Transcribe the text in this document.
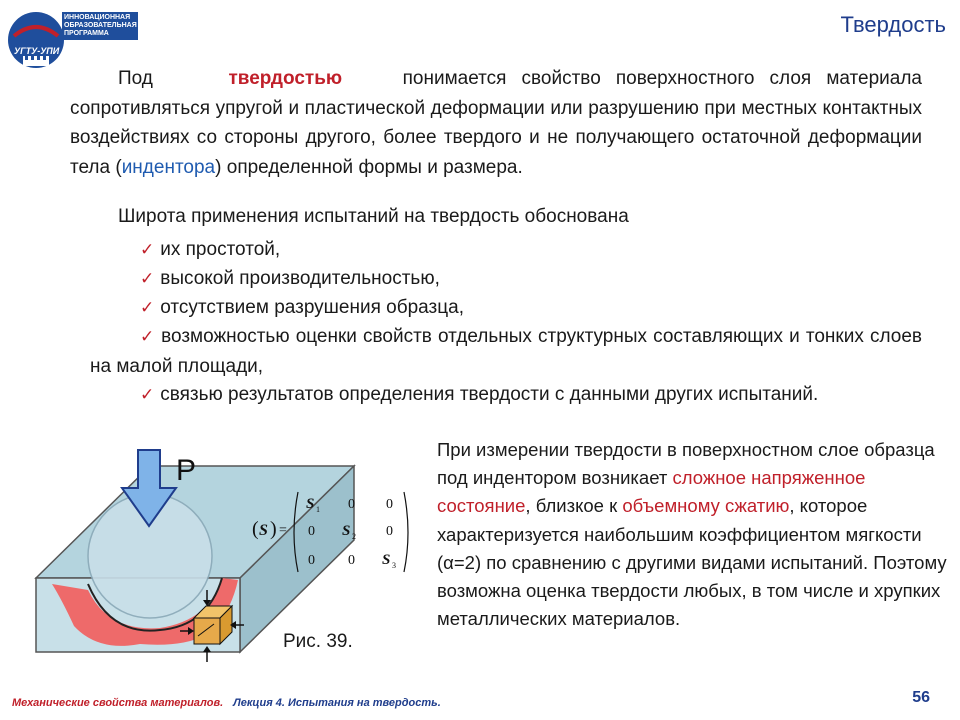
ИННОВАЦИОННАЯ ОБРАЗОВАТЕЛЬНАЯ ПРОГРАММА
УГТУ-УПИ
Твердость
Под	твердостью	понимается свойство поверхностного слоя материала сопротивляться упругой и пластической деформации или разрушению при местных контактных воздействиях со стороны другого, более твердого и не получающего остаточной деформации тела (индентора) определенной формы и размера.
Широта применения испытаний на твердость обоснована
✓ их простотой,
✓ высокой производительностью,
✓ отсутствием разрушения образца,
✓ возможностью оценки свойств отдельных структурных составляющих и тонких слоев на малой площади,
✓ связью результатов определения твердости с данными других испытаний.
P
( S ) =
S 1 0 0
0 S 2 0
0 0 S 3
Рис. 39.
При измерении твердости в поверхностном слое образца под индентором возникает сложное напряженное состояние, близкое к объемному сжатию, которое характеризуется наибольшим коэффициентом мягкости (α=2) по сравнению с другими видами испытаний. Поэтому возможна оценка твердости любых, в том числе и хрупких металлических материалов.
Механические свойства материалов. Лекция 4. Испытания на твердость.	56
